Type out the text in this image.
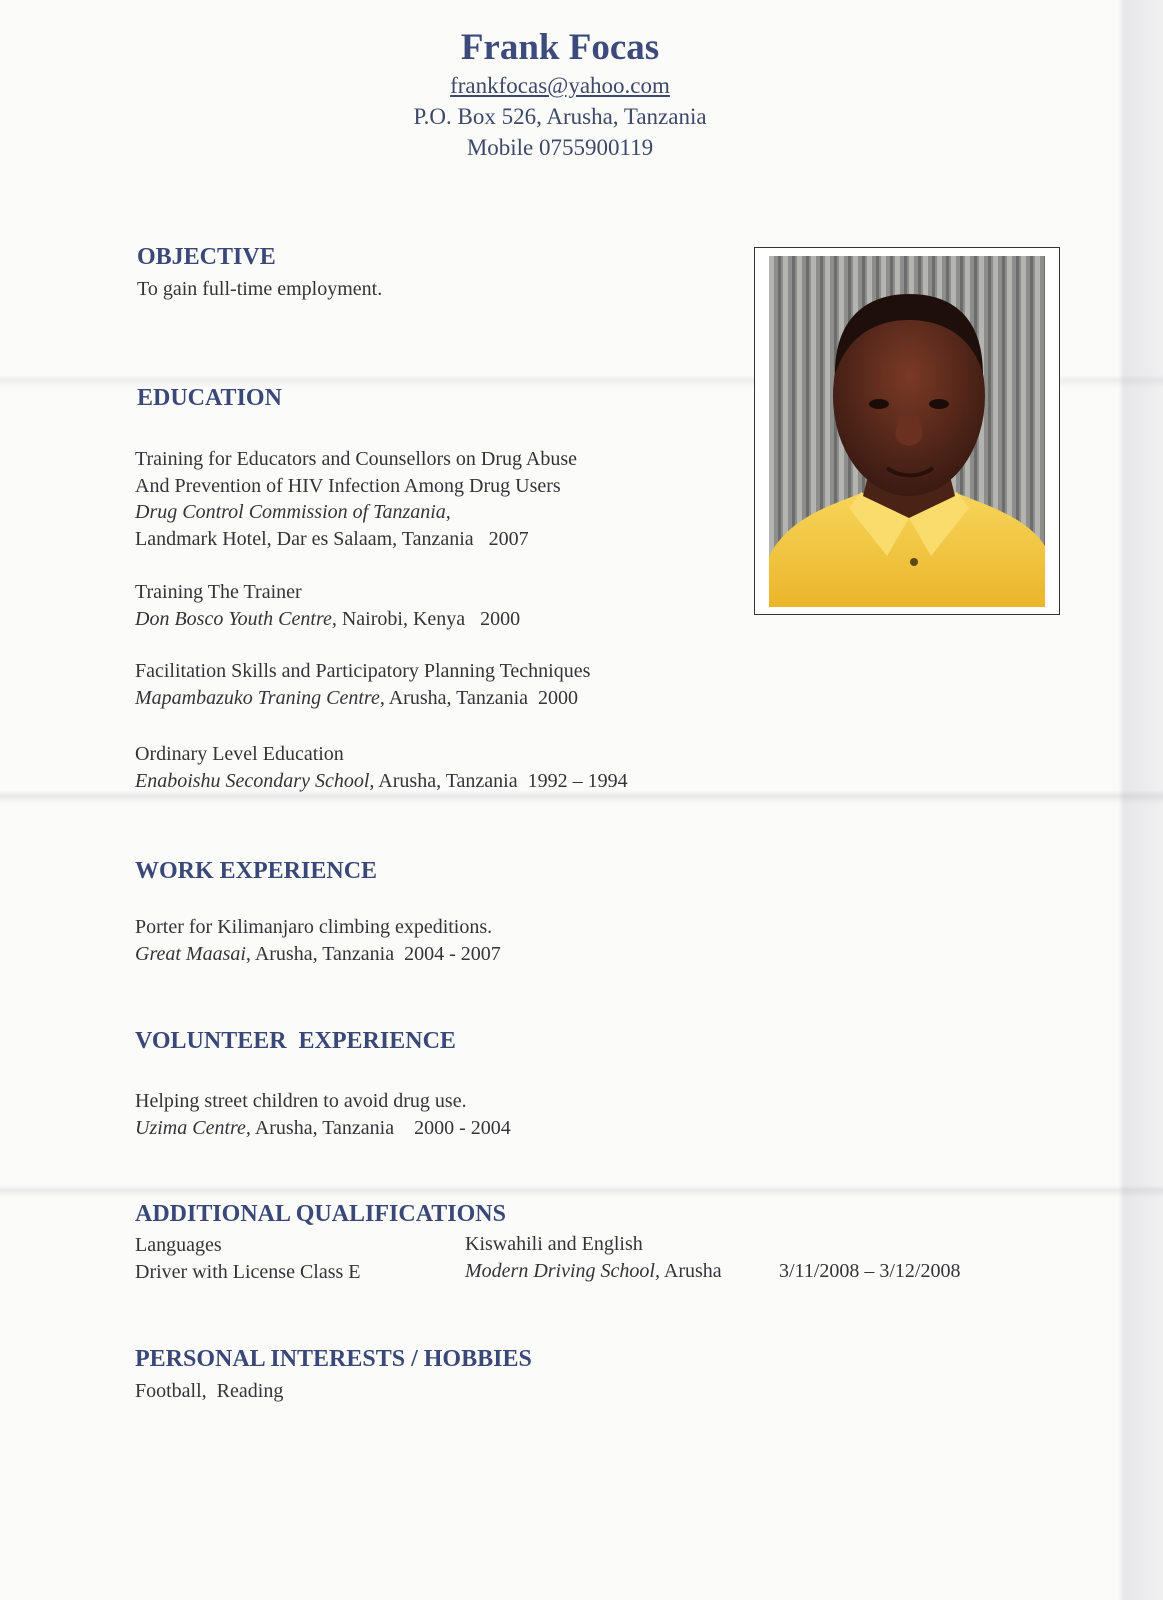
Frank Focas
frankfocas@yahoo.com
P.O. Box 526, Arusha, Tanzania
Mobile 0755900119
OBJECTIVE
To gain full-time employment.
EDUCATION
Training for Educators and Counsellors on Drug Abuse
And Prevention of HIV Infection Among Drug Users
Drug Control Commission of Tanzania,
Landmark Hotel, Dar es Salaam, Tanzania   2007
Training The Trainer
Don Bosco Youth Centre, Nairobi, Kenya   2000
Facilitation Skills and Participatory Planning Techniques
Mapambazuko Traning Centre, Arusha, Tanzania  2000
Ordinary Level Education
Enaboishu Secondary School, Arusha, Tanzania  1992 – 1994
WORK EXPERIENCE
Porter for Kilimanjaro climbing expeditions.
Great Maasai, Arusha, Tanzania  2004 - 2007
VOLUNTEER  EXPERIENCE
Helping street children to avoid drug use.
Uzima Centre, Arusha, Tanzania    2000 - 2004
ADDITIONAL QUALIFICATIONS
Languages	Kiswahili and English
Driver with License Class E	Modern Driving School, Arusha	3/11/2008 – 3/12/2008
PERSONAL INTERESTS / HOBBIES
Football,  Reading
